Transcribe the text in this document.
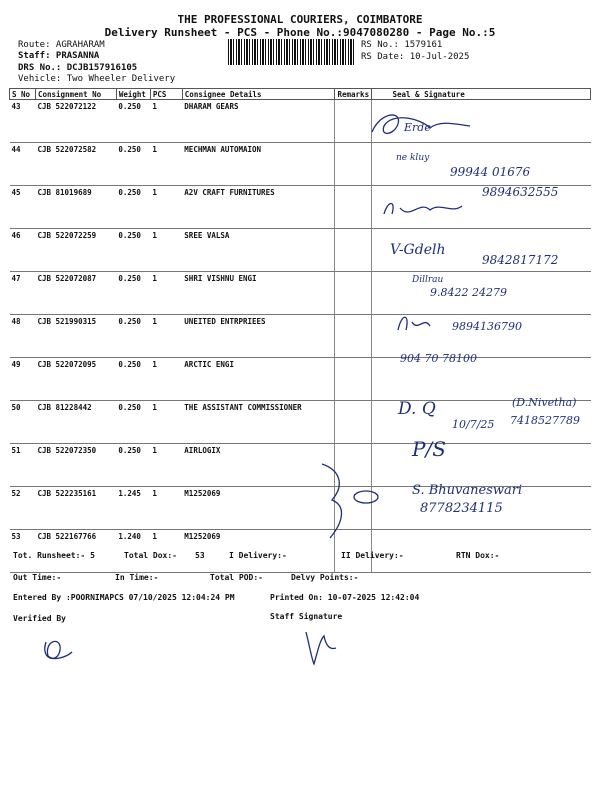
THE PROFESSIONAL COURIERS, COIMBATORE
Delivery Runsheet - PCS - Phone No.:9047080280 - Page No.:5
Route: AGRAHARAM
Staff: PRASANNA
DRS No.: DCJB157916105
Vehicle: Two Wheeler Delivery
RS No.: 1579161
RS Date: 10-Jul-2025
S No	Consignment No	Weight	PCS	Consignee Details	Remarks	Seal & Signature
43	CJB 522072122	0.250	1	DHARAM GEARS		
44	CJB 522072582	0.250	1	MECHMAN AUTOMAION		
45	CJB 81019689	0.250	1	A2V CRAFT FURNITURES		
46	CJB 522072259	0.250	1	SREE VALSA		
47	CJB 522072087	0.250	1	SHRI VISHNU ENGI		
48	CJB 521990315	0.250	1	UNEITED ENTRPRIEES		
49	CJB 522072095	0.250	1	ARCTIC ENGI		
50	CJB 81228442	0.250	1	THE ASSISTANT COMMISSIONER		
51	CJB 522072350	0.250	1	AIRLOGIX		
52	CJB 522235161	1.245	1	M1252069		
53	CJB 522167766	1.240	1	M1252069		
Erde
ne kluy
99944 01676
9894632555
V-Gdelh
9842817172
Dillrau
9.8422 24279
9894136790
904 70 78100
D. Q
10/7/25
(D.Nivetha)
7418527789
P/S
S. Bhuvaneswari
8778234115
Tot. Runsheet:- 5	Total Dox:- 53	I Delivery:-	II Delivery:-	RTN Dox:-
Out Time:-	In Time:-	Total POD:-	Delvy Points:-
Entered By :POORNIMAPCS 07/10/2025 12:04:24 PM	Printed On: 10-07-2025 12:42:04
Verified By	Staff Signature
